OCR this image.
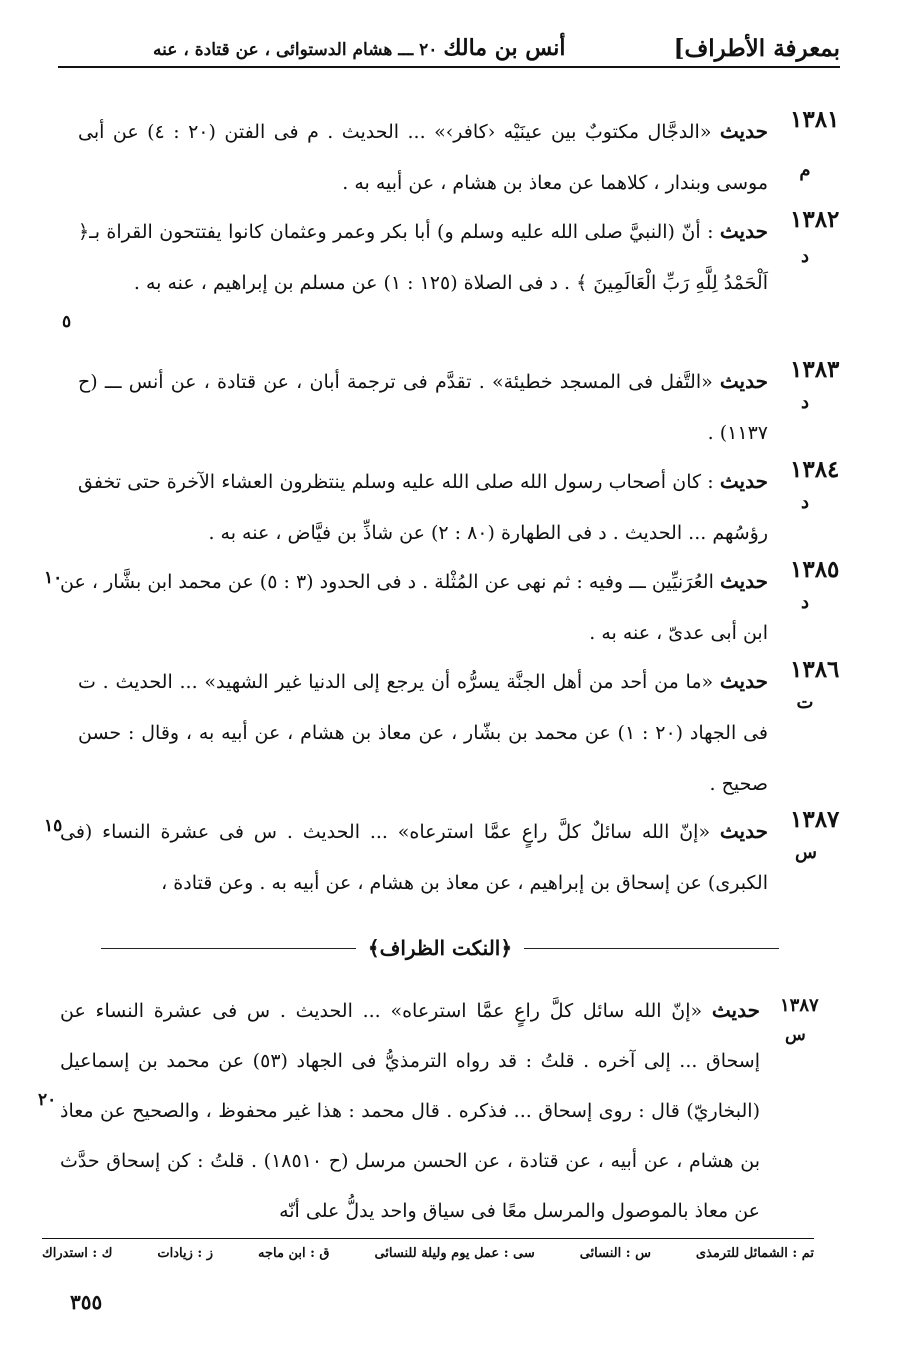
بمعرفة الأطراف]
أنس بن مالك ٢٠ ـــ هشام الدستوائى ، عن قتادة ، عنه
١٣٨١
م

حديث «الدجَّال مكتوبٌ بين عينَيْه ‹كافر›» ... الحديث . م فى الفتن (٢٠ : ٤) عن أبى موسى وبندار ، كلاهما عن معاذ بن هشام ، عن أبيه به .

١٣٨٢
د

حديث : أنّ (النبيَّ صلى الله عليه وسلم و) أبا بكر وعمر وعثمان كانوا يفتتحون القراة بـ﴿ اَلْحَمْدُ لِلَّهِ رَبِّ الْعَالَمِينَ ﴾ . د فى الصلاة (١٢٥ : ١) عن مسلم بن إبراهيم ، عنه به .

٥
١٣٨٣
د

حديث «التَّفل فى المسجد خطيئة» . تقدَّم فى ترجمة أبان ، عن قتادة ، عن أنس ـــ (ح ١١٣٧) .

١٣٨٤
د

حديث : كان أصحاب رسول الله صلى الله عليه وسلم ينتظرون العشاء الآخرة حتى تخفق رؤسُهم ... الحديث . د فى الطهارة (٨٠ : ٢) عن شاذِّ بن فيَّاض ، عنه به .

١٣٨٥
د

حديث العُرَنيِّين ـــ وفيه : ثم نهى عن المُثْلة . د فى الحدود (٣ : ٥) عن محمد ابن بشَّار ، عن ابن أبى عدىّ ، عنه به .

١٠
١٣٨٦
ت

حديث «ما من أحد من أهل الجنَّة يسرُّه أن يرجع إلى الدنيا غير الشهيد» ... الحديث . ت فى الجهاد (٢٠ : ١) عن محمد بن بشّار ، عن معاذ بن هشام ، عن أبيه به ، وقال : حسن صحيح .

١٣٨٧
س

حديث «إنّ الله سائلٌ كلَّ راعٍ عمَّا استرعاه» ... الحديث . س فى عشرة النساء (فى الكبرى) عن إسحاق بن إبراهيم ، عن معاذ بن هشام ، عن أبيه به . وعن قتادة ،

١٥
﴿النكت الظراف﴾
١٣٨٧
س

حديث «إنّ الله سائل كلَّ راعٍ عمَّا استرعاه» ... الحديث . س فى عشرة النساء عن إسحاق ... إلى آخره . قلتُ : قد رواه الترمذيُّ فى الجهاد (٥٣) عن محمد بن إسماعيل (البخاريّ) قال : روى إسحاق ... فذكره . قال محمد : هذا غير محفوظ ، والصحيح عن معاذ بن هشام ، عن أبيه ، عن قتادة ، عن الحسن مرسل (ح ١٨٥١٠) . قلتُ : كن إسحاق حدَّث عن معاذ بالموصول والمرسل معًا فى سياق واحد يدلُّ على أنّه

٢٠
تم : الشمائل للترمذى
س : النسائى
سى : عمل يوم وليلة للنسائى
ق : ابن ماجه
ز : زيادات
ك : استدراك
٣٥٥
